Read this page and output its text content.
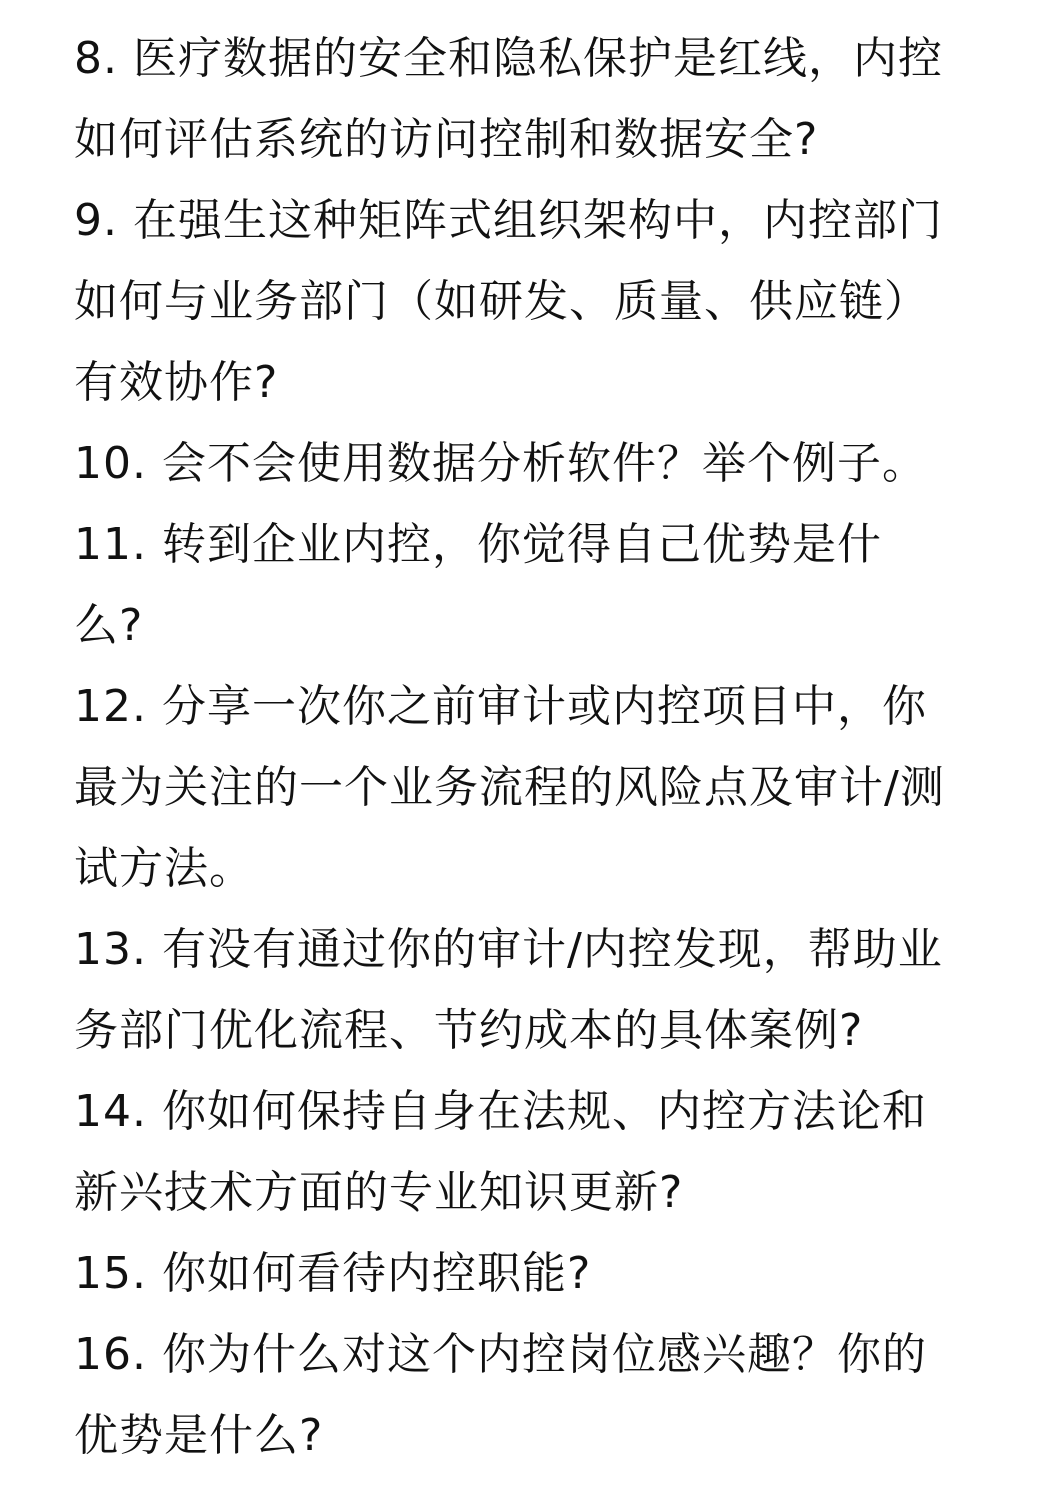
8. 医疗数据的安全和隐私保护是红线，内控
如何评估系统的访问控制和数据安全?
9. 在强生这种矩阵式组织架构中，内控部门
如何与业务部门（如研发、质量、供应链）
有效协作?
10. 会不会使用数据分析软件？举个例子。
11. 转到企业内控，你觉得自己优势是什
么?
12. 分享一次你之前审计或内控项目中，你
最为关注的一个业务流程的风险点及审计/测
试方法。
13. 有没有通过你的审计/内控发现，帮助业
务部门优化流程、节约成本的具体案例?
14. 你如何保持自身在法规、内控方法论和
新兴技术方面的专业知识更新?
15. 你如何看待内控职能?
16. 你为什么对这个内控岗位感兴趣？你的
优势是什么?
